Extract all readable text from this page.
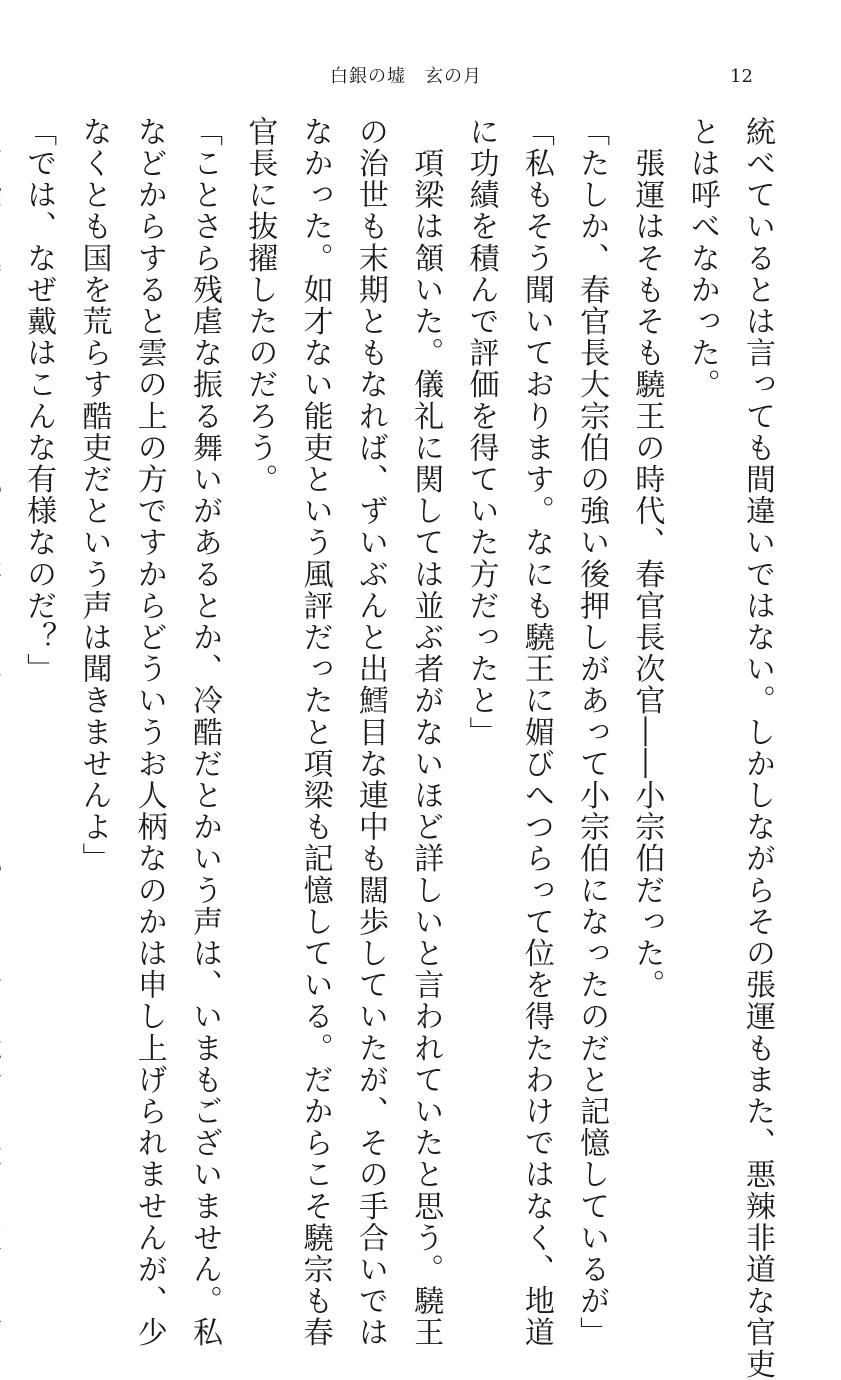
白銀の墟　玄の月	12
統べているとは言っても間違いではない。しかしながらその張運もまた、悪辣非道な官吏
とは呼べなかった。
　張運はそもそも驍王の時代、春官長次官――小宗伯だった。
「たしか、春官長大宗伯の強い後押しがあって小宗伯になったのだと記憶しているが」
「私もそう聞いております。なにも驍王に媚びへつらって位を得たわけではなく、地道
に功績を積んで評価を得ていた方だったと」
　項梁は頷いた。儀礼に関しては並ぶ者がないほど詳しいと言われていたと思う。驍王
の治世も末期ともなれば、ずいぶんと出鱈目な連中も闊歩していたが、その手合いでは
なかった。如才ない能吏という風評だったと項梁も記憶している。だからこそ驍宗も春
官長に抜擢したのだろう。
「ことさら残虐な振る舞いがあるとか、冷酷だとかいう声は、いまもございません。私
などからすると雲の上の方ですからどういうお人柄なのかは申し上げられませんが、少
なくとも国を荒らす酷吏だという声は聞きませんよ」
「では、なぜ戴はこんな有様なのだ？」
